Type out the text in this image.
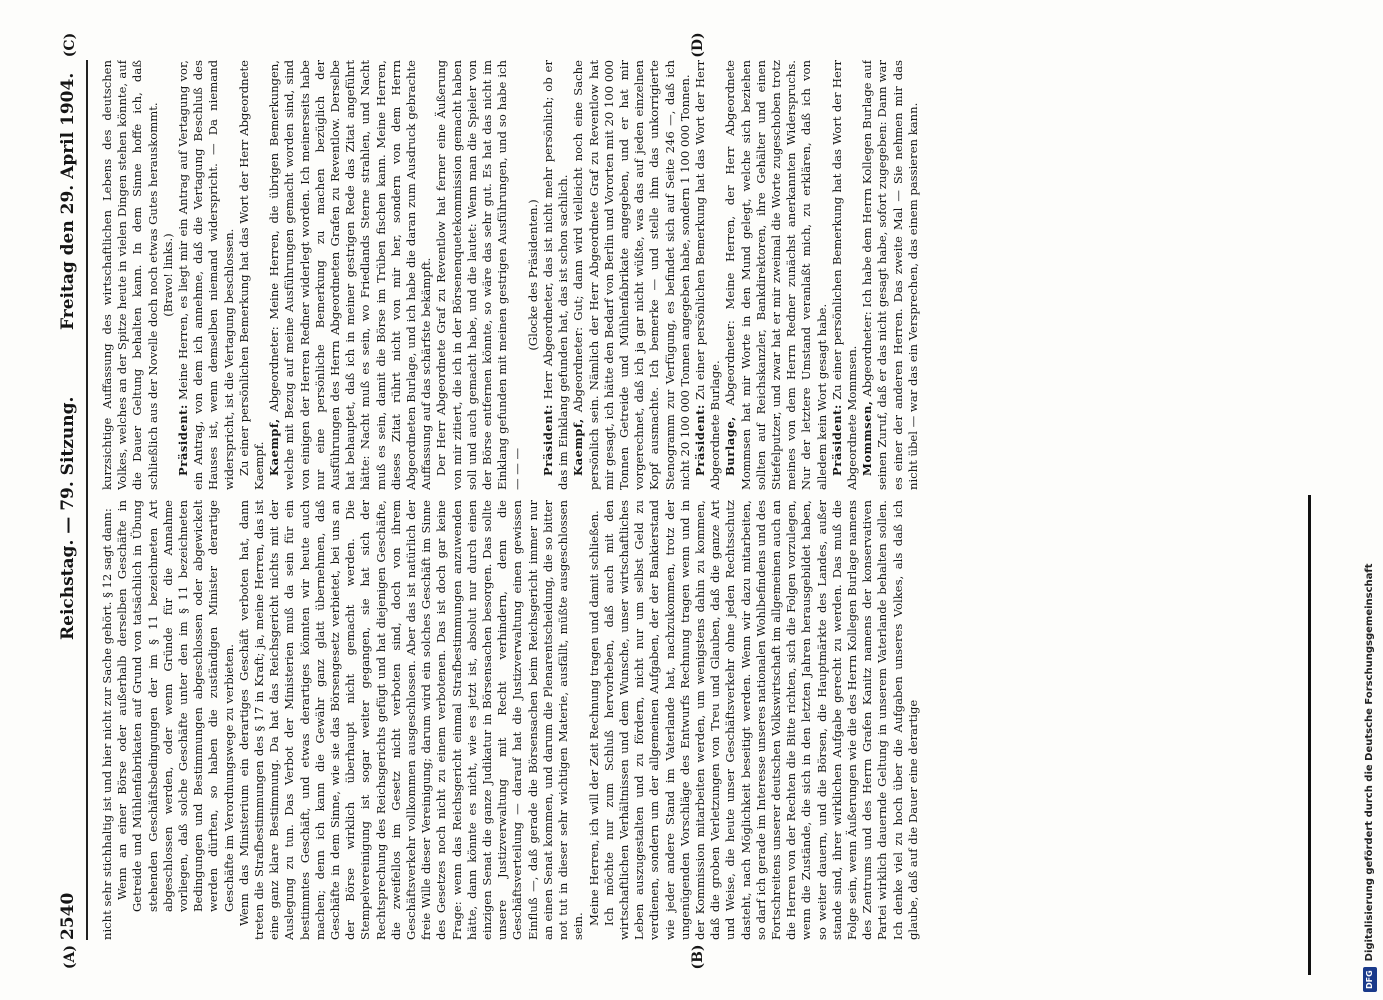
2540
Reichstag. — 79. Sitzung.
Freitag den 29. April 1904.
(A)	(B)
(C)	(D)

nicht sehr stichhaltig ist und hier nicht zur Sache gehört. § 12 sagt dann: Wenn an einer Börse oder außerhalb derselben Geschäfte in Getreide und Mühlenfabrikaten auf Grund von tatsächlich in Übung stehenden Geschäftsbedingungen der im § 11 bezeichneten Art abgeschlossen werden, oder wenn Gründe für die Annahme vorliegen, daß solche Geschäfte unter den im § 11 bezeichneten Bedingungen und Bestimmungen abgeschlossen oder abgewickelt werden dürften, so haben die zuständigen Minister derartige Geschäfte im Verordnungswege zu verbieten. Wenn das Ministerium ein derartiges Geschäft verboten hat, dann treten die Strafbestimmungen des § 17 in Kraft; ja, meine Herren, das ist eine ganz klare Bestimmung. Da hat das Reichsgericht nichts mit der Auslegung zu tun. Das Verbot der Ministerien muß da sein für ein bestimmtes Geschäft, und etwas derartiges könnten wir heute auch machen; denn ich kann die Gewähr ganz glatt übernehmen, daß Geschäfte in dem Sinne, wie sie das Börsengesetz verbietet, bei uns an der Börse wirklich überhaupt nicht gemacht werden. Die Stempelvereinigung ist sogar weiter gegangen, sie hat sich der Rechtsprechung des Reichsgerichts gefügt und hat diejenigen Geschäfte, die zweifellos im Gesetz nicht verboten sind, doch von ihrem Geschäftsverkehr vollkommen ausgeschlossen. Aber das ist natürlich der freie Wille dieser Vereinigung; darum wird ein solches Geschäft im Sinne des Gesetzes noch nicht zu einem verbotenen. Das ist doch gar keine Frage: wenn das Reichsgericht einmal Strafbestimmungen anzuwenden hätte, dann könnte es nicht, wie es jetzt ist, absolut nur durch einen einzigen Senat die ganze Judikatur in Börsensachen besorgen. Das sollte unsere Justizverwaltung mit Recht verhindern, denn die Geschäftsverteilung — darauf hat die Justizverwaltung einen gewissen Einfluß —, daß gerade die Börsensachen beim Reichsgericht immer nur an einen Senat kommen, und darum die Plenarentscheidung, die so bitter not tut in dieser sehr wichtigen Materie, ausfällt, müßte ausgeschlossen sein.

Meine Herren, ich will der Zeit Rechnung tragen und damit schließen. Ich möchte nur zum Schluß hervorheben, daß auch mit den wirtschaftlichen Verhältnissen und dem Wunsche, unser wirtschaftliches Leben auszugestalten und zu fördern, nicht nur um selbst Geld zu verdienen, sondern um der allgemeinen Aufgaben, der der Bankierstand wie jeder andere Stand im Vaterlande hat, nachzukommen, trotz der ungenügenden Vorschläge des Entwurfs Rechnung tragen wenn und in der Kommission mitarbeiten werden, um wenigstens dahin zu kommen, daß die groben Verletzungen von Treu und Glauben, daß die ganze Art und Weise, die heute unser Geschäftsverkehr ohne jeden Rechtsschutz dasteht, nach Möglichkeit beseitigt werden. Wenn wir dazu mitarbeiten, so darf ich gerade im Interesse unseres nationalen Wohlbefindens und des Fortschreitens unserer deutschen Volkswirtschaft im allgemeinen auch an die Herren von der Rechten die Bitte richten, sich die Folgen vorzulegen, wenn die Zustände, die sich in den letzten Jahren herausgebildet haben, so weiter dauern, und die Börsen, die Hauptmärkte des Landes, außer stande sind, ihrer wirklichen Aufgabe gerecht zu werden. Das muß die Folge sein, wenn Äußerungen wie die des Herrn Kollegen Burlage namens des Zentrums und des Herrn Grafen Kanitz namens der konservativen Partei wirklich dauernde Geltung in unserem Vaterlande behalten sollen. Ich denke viel zu hoch über die Aufgaben unseres Volkes, als daß ich glaube, daß auf die Dauer eine derartige

kurzsichtige Auffassung des wirtschaftlichen Lebens des deutschen Volkes, welches an der Spitze heute in vielen Dingen stehen könnte, auf die Dauer Geltung behalten kann. In dem Sinne hoffe ich, daß schließlich aus der Novelle doch noch etwas Gutes herauskommt. (Bravo! links.)

Präsident: Meine Herren, es liegt mir ein Antrag auf Vertagung vor, ein Antrag, von dem ich annehme, daß die Vertagung Beschluß des Hauses ist, wenn demselben niemand widerspricht. — Da niemand widerspricht, ist die Vertagung beschlossen. Zu einer persönlichen Bemerkung hat das Wort der Herr Abgeordnete Kaempf. Kaempf, Abgeordneter: Meine Herren, die übrigen Bemerkungen, welche mit Bezug auf meine Ausführungen gemacht worden sind, sind von einigen der Herren Redner widerlegt worden. Ich meinerseits habe nur eine persönliche Bemerkung zu machen bezüglich der Ausführungen des Herrn Abgeordneten Grafen zu Reventlow. Derselbe hat behauptet, daß ich in meiner gestrigen Rede das Zitat angeführt hätte: Nacht muß es sein, wo Friedlands Sterne strahlen, und Nacht muß es sein, damit die Börse im Trüben fischen kann. Meine Herren, dieses Zitat rührt nicht von mir her, sondern von dem Herrn Abgeordneten Burlage, und ich habe die daran zum Ausdruck gebrachte Auffassung auf das schärfste bekämpft. Der Herr Abgeordnete Graf zu Reventlow hat ferner eine Äußerung von mir zitiert, die ich in der Börsenenquetekommission gemacht haben soll und auch gemacht habe, und die lautet: Wenn man die Spieler von der Börse entfernen könnte, so wäre das sehr gut. Es hat das nicht im Einklang gefunden mit meinen gestrigen Ausführungen, und so habe ich — — —

(Glocke des Präsidenten.)

Präsident: Herr Abgeordneter, das ist nicht mehr persönlich; ob er das im Einklang gefunden hat, das ist schon sachlich. Kaempf, Abgeordneter: Gut; dann wird vielleicht noch eine Sache persönlich sein. Nämlich der Herr Abgeordnete Graf zu Reventlow hat mir gesagt, ich hätte den Bedarf von Berlin und Vororten mit 20 100 000 Tonnen Getreide und Mühlenfabrikate angegeben, und er hat mir vorgerechnet, daß ich ja gar nicht wüßte, was das auf jeden einzelnen Kopf ausmachte. Ich bemerke — und stelle ihm das unkorrigierte Stenogramm zur Verfügung, es befindet sich auf Seite 246 —, daß ich nicht 20 100 000 Tonnen angegeben habe, sondern 1 100 000 Tonnen. Präsident: Zu einer persönlichen Bemerkung hat das Wort der Herr Abgeordnete Burlage. Burlage, Abgeordneter: Meine Herren, der Herr Abgeordnete Mommsen hat mir Worte in den Mund gelegt, welche sich beziehen sollten auf Reichskanzler, Bankdirektoren, ihre Gehälter und einen Stiefelputzer, und zwar hat er mir zweimal die Worte zugeschoben trotz meines von dem Herrn Redner zunächst anerkannten Widerspruchs. Nur der letztere Umstand veranlaßt mich, zu erklären, daß ich von alledem kein Wort gesagt habe. Präsident: Zu einer persönlichen Bemerkung hat das Wort der Herr Abgeordnete Mommsen. Mommsen, Abgeordneter: Ich habe dem Herrn Kollegen Burlage auf seinen Zuruf, daß er das nicht gesagt habe, sofort zugegeben: Dann war es einer der anderen Herren. Das zweite Mal — Sie nehmen mir das nicht übel — war das ein Versprechen, das einem passieren kann.

DFGDigitalisierung gefördert durch die Deutsche Forschungsgemeinschaft
